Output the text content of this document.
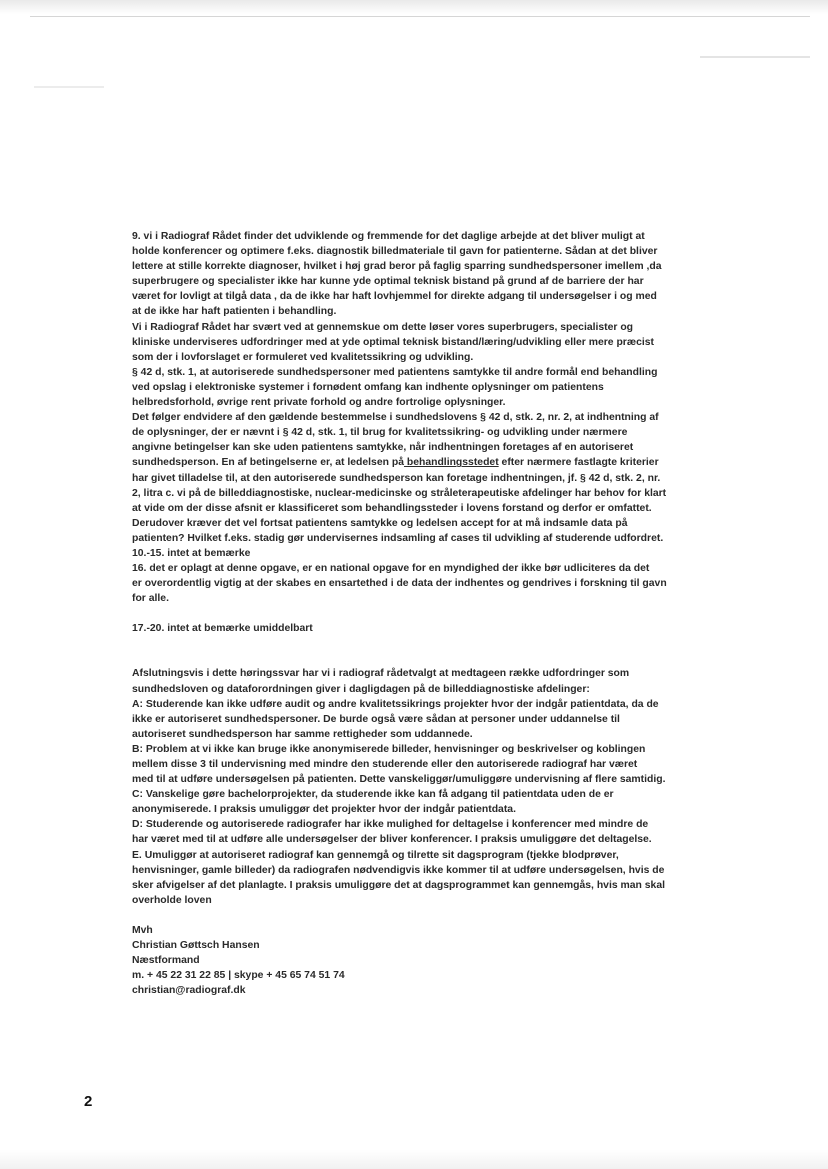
9. vi i Radiograf Rådet finder det udviklende og fremmende for det daglige arbejde at det bliver muligt at

holde konferencer og optimere f.eks. diagnostik billedmateriale til gavn for patienterne. Sådan at det bliver

lettere at stille korrekte diagnoser, hvilket i høj grad beror på faglig sparring sundhedspersoner imellem ,da

superbrugere og specialister ikke har kunne yde optimal teknisk bistand på grund af de barriere der har

været for lovligt at tilgå data , da de ikke har haft lovhjemmel for direkte adgang til undersøgelser i og med

at de ikke har haft patienten i behandling.

Vi i Radiograf Rådet har svært ved at gennemskue om dette løser vores superbrugers, specialister og

kliniske underviseres udfordringer med at yde optimal teknisk bistand/læring/udvikling eller mere præcist

som der i lovforslaget er formuleret ved kvalitetssikring og udvikling.

§ 42 d, stk. 1, at autoriserede sundhedspersoner med patientens samtykke til andre formål end behandling

ved opslag i elektroniske systemer i fornødent omfang kan indhente oplysninger om patientens

helbredsforhold, øvrige rent private forhold og andre fortrolige oplysninger.

Det følger endvidere af den gældende bestemmelse i sundhedslovens § 42 d, stk. 2, nr. 2, at indhentning af

de oplysninger, der er nævnt i § 42 d, stk. 1, til brug for kvalitetssikring- og udvikling under nærmere

angivne betingelser kan ske uden patientens samtykke, når indhentningen foretages af en autoriseret

sundhedsperson. En af betingelserne er, at ledelsen på behandlingsstedet efter nærmere fastlagte kriterier

har givet tilladelse til, at den autoriserede sundhedsperson kan foretage indhentningen, jf. § 42 d, stk. 2, nr.

2, litra c. vi på de billeddiagnostiske, nuclear-medicinske og stråleterapeutiske afdelinger har behov for klart

at vide om der disse afsnit er klassificeret som behandlingssteder i lovens forstand og derfor er omfattet.

Derudover kræver det vel fortsat patientens samtykke og ledelsen accept for at må indsamle data på

patienten? Hvilket f.eks. stadig gør undervisernes indsamling af cases til udvikling af studerende udfordret.

10.-15. intet at bemærke

16. det er oplagt at denne opgave, er en national opgave for en myndighed der ikke bør udliciteres da det

er overordentlig vigtig at der skabes en ensartethed i de data der indhentes og gendrives i forskning til gavn

for alle.

17.-20. intet at bemærke umiddelbart

Afslutningsvis i dette høringssvar har vi i radiograf rådetvalgt at medtageen række udfordringer som

sundhedsloven og dataforordningen giver i dagligdagen på de billeddiagnostiske afdelinger:

A: Studerende kan ikke udføre audit og andre kvalitetssikrings projekter hvor der indgår patientdata, da de

ikke er autoriseret sundhedspersoner. De burde også være sådan at personer under uddannelse til

autoriseret sundhedsperson har samme rettigheder som uddannede.

B: Problem at vi ikke kan bruge ikke anonymiserede billeder, henvisninger og beskrivelser og koblingen

mellem disse 3 til undervisning med mindre den studerende eller den autoriserede radiograf har været

med til at udføre undersøgelsen på patienten. Dette vanskeliggør/umuliggøre undervisning af flere samtidig.

C: Vanskelige gøre bachelorprojekter, da studerende ikke kan få adgang til patientdata uden de er

anonymiserede. I praksis umuliggør det projekter hvor der indgår patientdata.

D: Studerende og autoriserede radiografer har ikke mulighed for deltagelse i konferencer med mindre de

har været med til at udføre alle undersøgelser der bliver konferencer. I praksis umuliggøre det deltagelse.

E. Umuliggør at autoriseret radiograf kan gennemgå og tilrette sit dagsprogram (tjekke blodprøver,

henvisninger, gamle billeder) da radiografen nødvendigvis ikke kommer til at udføre undersøgelsen, hvis de

sker afvigelser af det planlagte. I praksis umuliggøre det at dagsprogrammet kan gennemgås, hvis man skal

overholde loven

Mvh

Christian Gøttsch Hansen

Næstformand

m. + 45 22 31 22 85 | skype + 45 65 74 51 74

christian@radiograf.dk

2
